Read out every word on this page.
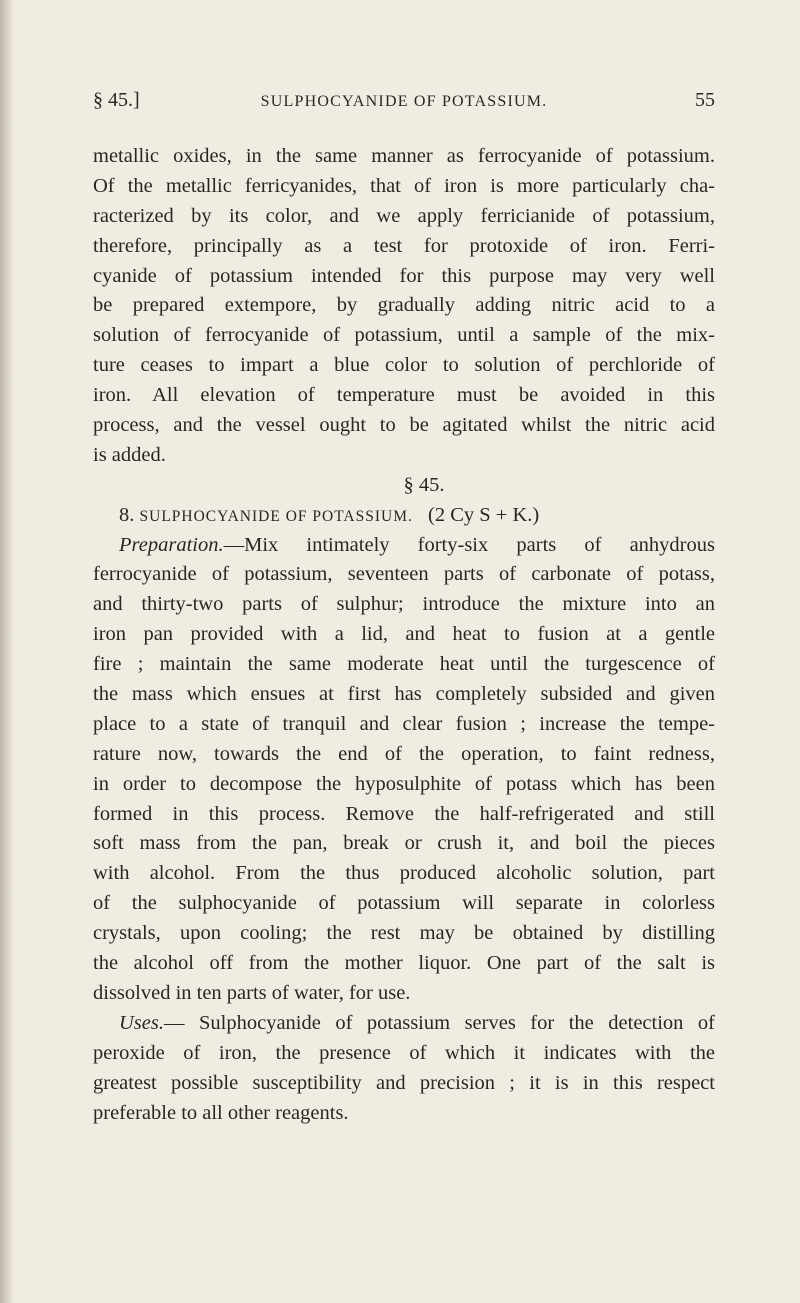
§ 45.]	SULPHOCYANIDE OF POTASSIUM.	55
metallic oxides, in the same manner as ferrocyanide of potassium.
Of the metallic ferricyanides, that of iron is more particularly cha-
racterized by its color, and we apply ferricianide of potassium,
therefore, principally as a test for protoxide of iron. Ferri-
cyanide of potassium intended for this purpose may very well
be prepared extempore, by gradually adding nitric acid to a
solution of ferrocyanide of potassium, until a sample of the mix-
ture ceases to impart a blue color to solution of perchloride of
iron. All elevation of temperature must be avoided in this
process, and the vessel ought to be agitated whilst the nitric acid
is added.
§ 45.
8. SULPHOCYANIDE OF POTASSIUM. (2 Cy S + K.)
Preparation.—Mix intimately forty-six parts of anhydrous
ferrocyanide of potassium, seventeen parts of carbonate of potass,
and thirty-two parts of sulphur; introduce the mixture into an
iron pan provided with a lid, and heat to fusion at a gentle
fire ; maintain the same moderate heat until the turgescence of
the mass which ensues at first has completely subsided and given
place to a state of tranquil and clear fusion ; increase the tempe-
rature now, towards the end of the operation, to faint redness,
in order to decompose the hyposulphite of potass which has been
formed in this process. Remove the half-refrigerated and still
soft mass from the pan, break or crush it, and boil the pieces
with alcohol. From the thus produced alcoholic solution, part
of the sulphocyanide of potassium will separate in colorless
crystals, upon cooling; the rest may be obtained by distilling
the alcohol off from the mother liquor. One part of the salt is
dissolved in ten parts of water, for use.
Uses.— Sulphocyanide of potassium serves for the detection of
peroxide of iron, the presence of which it indicates with the
greatest possible susceptibility and precision ; it is in this respect
preferable to all other reagents.
